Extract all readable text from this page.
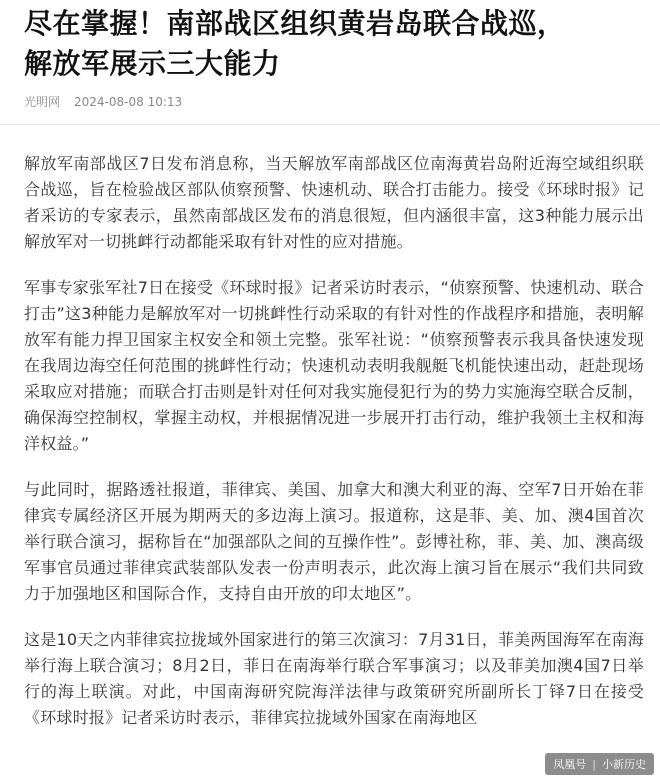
尽在掌握！南部战区组织黄岩岛联合战巡，
解放军展示三大能力
光明网 2024-08-08 10:13

解放军南部战区7日发布消息称，当天解放军南部战区位南海黄岩岛附近海空域组织联合战巡，旨在检验战区部队侦察预警、快速机动、联合打击能力。接受《环球时报》记者采访的专家表示，虽然南部战区发布的消息很短，但内涵很丰富，这3种能力展示出解放军对一切挑衅行动都能采取有针对性的应对措施。

军事专家张军社7日在接受《环球时报》记者采访时表示，“侦察预警、快速机动、联合打击”这3种能力是解放军对一切挑衅性行动采取的有针对性的作战程序和措施，表明解放军有能力捍卫国家主权安全和领土完整。张军社说：“侦察预警表示我具备快速发现在我周边海空任何范围的挑衅性行动；快速机动表明我舰艇飞机能快速出动，赶赴现场采取应对措施；而联合打击则是针对任何对我实施侵犯行为的势力实施海空联合反制，确保海空控制权，掌握主动权，并根据情况进一步展开打击行动，维护我领土主权和海洋权益。”

与此同时，据路透社报道，菲律宾、美国、加拿大和澳大利亚的海、空军7日开始在菲律宾专属经济区开展为期两天的多边海上演习。报道称，这是菲、美、加、澳4国首次举行联合演习，据称旨在“加强部队之间的互操作性”。彭博社称，菲、美、加、澳高级军事官员通过菲律宾武装部队发表一份声明表示，此次海上演习旨在展示“我们共同致力于加强地区和国际合作，支持自由开放的印太地区”。

这是10天之内菲律宾拉拢域外国家进行的第三次演习：7月31日，菲美两国海军在南海举行海上联合演习；8月2日，菲日在南海举行联合军事演习；以及菲美加澳4国7日举行的海上联演。对此，中国南海研究院海洋法律与政策研究所副所长丁铎7日在接受《环球时报》记者采访时表示，菲律宾拉拢域外国家在南海地区

凤凰号 | 小新历史
